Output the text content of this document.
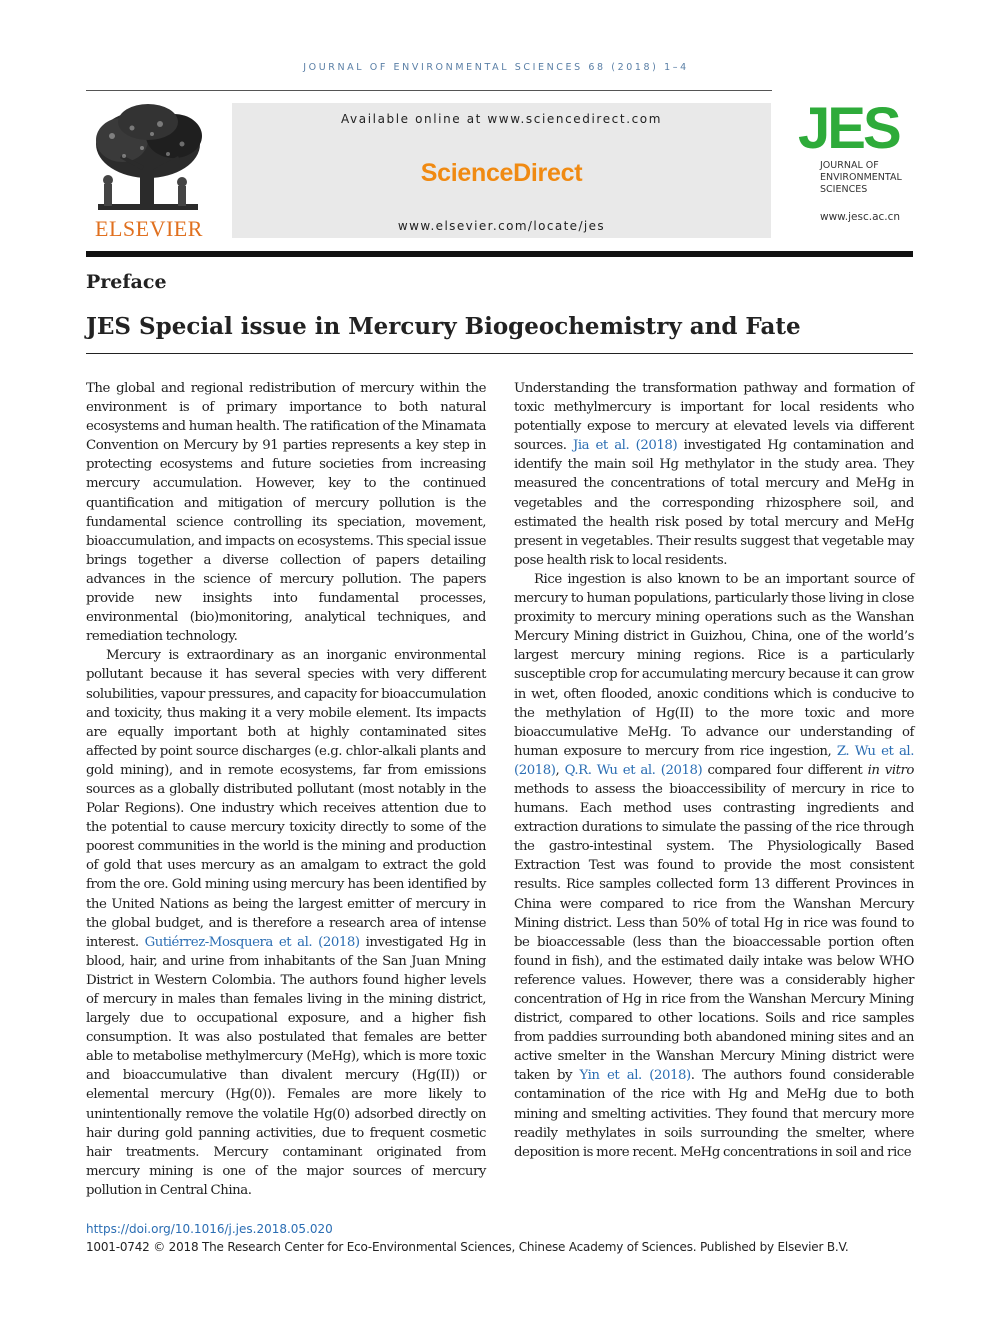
JOURNAL OF ENVIRONMENTAL SCIENCES 68 (2018) 1–4
ELSEVIER
Available online at www.sciencedirect.com
ScienceDirect
www.elsevier.com/locate/jes
JES
JOURNAL OF
ENVIRONMENTAL
SCIENCES
www.jesc.ac.cn
Preface
JES Special issue in Mercury Biogeochemistry and Fate

The global and regional redistribution of mercury within the environment is of primary importance to both natural ecosystems and human health. The ratification of the Minamata Convention on Mercury by 91 parties represents a key step in protecting ecosystems and future societies from increasing mercury accumulation. However, key to the continued quantification and mitigation of mercury pollution is the fundamental science controlling its speciation, movement, bioaccumulation, and impacts on ecosystems. This special issue brings together a diverse collection of papers detailing advances in the science of mercury pollution. The papers provide new insights into fundamental processes, environmental (bio)monitoring, analytical techniques, and remediation technology.

Mercury is extraordinary as an inorganic environmental pollutant because it has several species with very different solubilities, vapour pressures, and capacity for bioaccumulation and toxicity, thus making it a very mobile element. Its impacts are equally important both at highly contaminated sites affected by point source discharges (e.g. chlor-alkali plants and gold mining), and in remote ecosystems, far from emissions sources as a globally distributed pollutant (most notably in the Polar Regions). One industry which receives attention due to the potential to cause mercury toxicity directly to some of the poorest communities in the world is the mining and production of gold that uses mercury as an amalgam to extract the gold from the ore. Gold mining using mercury has been identified by the United Nations as being the largest emitter of mercury in the global budget, and is therefore a research area of intense interest. Gutiérrez-Mosquera et al. (2018) investigated Hg in blood, hair, and urine from inhabitants of the San Juan Mning District in Western Colombia. The authors found higher levels of mercury in males than females living in the mining district, largely due to occupational exposure, and a higher fish consumption. It was also postulated that females are better able to metabolise methylmercury (MeHg), which is more toxic and bioaccumulative than divalent mercury (Hg(II)) or elemental mercury (Hg(0)). Females are more likely to unintentionally remove the volatile Hg(0) adsorbed directly on hair during gold panning activities, due to frequent cosmetic hair treatments. Mercury contaminant originated from mercury mining is one of the major sources of mercury pollution in Central China.

Understanding the transformation pathway and formation of toxic methylmercury is important for local residents who potentially expose to mercury at elevated levels via different sources. Jia et al. (2018) investigated Hg contamination and identify the main soil Hg methylator in the study area. They measured the concentrations of total mercury and MeHg in vegetables and the corresponding rhizosphere soil, and estimated the health risk posed by total mercury and MeHg present in vegetables. Their results suggest that vegetable may pose health risk to local residents.

Rice ingestion is also known to be an important source of mercury to human populations, particularly those living in close proximity to mercury mining operations such as the Wanshan Mercury Mining district in Guizhou, China, one of the world’s largest mercury mining regions. Rice is a particularly susceptible crop for accumulating mercury because it can grow in wet, often flooded, anoxic conditions which is conducive to the methylation of Hg(II) to the more toxic and more bioaccumulative MeHg. To advance our understanding of human exposure to mercury from rice ingestion, Z. Wu et al. (2018), Q.R. Wu et al. (2018) compared four different in vitro methods to assess the bioaccessibility of mercury in rice to humans. Each method uses contrasting ingredients and extraction durations to simulate the passing of the rice through the gastro-intestinal system. The Physiologically Based Extraction Test was found to provide the most consistent results. Rice samples collected form 13 different Provinces in China were compared to rice from the Wanshan Mercury Mining district. Less than 50% of total Hg in rice was found to be bioaccessable (less than the bioaccessable portion often found in fish), and the estimated daily intake was below WHO reference values. However, there was a considerably higher concentration of Hg in rice from the Wanshan Mercury Mining district, compared to other locations. Soils and rice samples from paddies surrounding both abandoned mining sites and an active smelter in the Wanshan Mercury Mining district were taken by Yin et al. (2018). The authors found considerable contamination of the rice with Hg and MeHg due to both mining and smelting activities. They found that mercury more readily methylates in soils surrounding the smelter, where deposition is more recent. MeHg concentrations in soil and rice

https://doi.org/10.1016/j.jes.2018.05.020
1001-0742 © 2018 The Research Center for Eco-Environmental Sciences, Chinese Academy of Sciences. Published by Elsevier B.V.
